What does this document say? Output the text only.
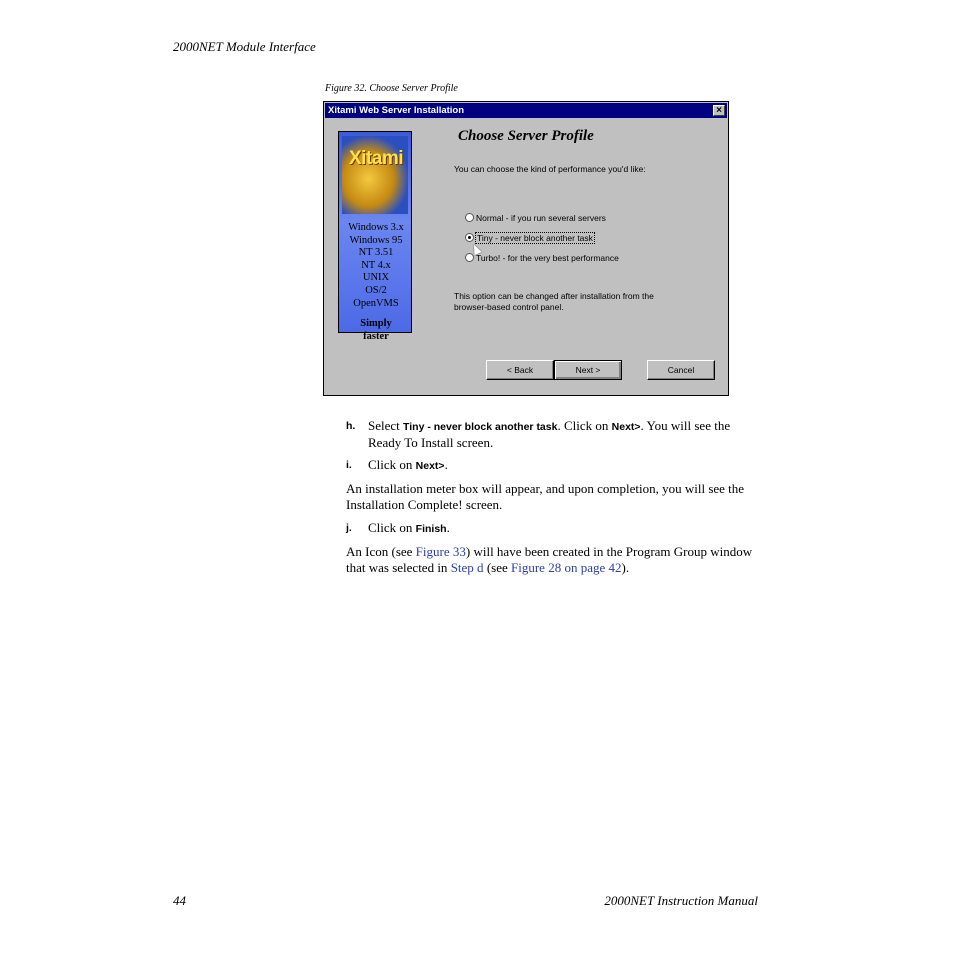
2000NET Module Interface
Figure 32. Choose Server Profile
Xitami Web Server Installation	×
Xitami
Windows 3.x
Windows 95
NT 3.51
NT 4.x
UNIX
OS/2
OpenVMS
Simply
faster
Choose Server Profile
You can choose the kind of performance you'd like:
Normal - if you run several servers
Tiny - never block another task
Turbo! - for the very best performance
This option can be changed after installation from the
browser-based control panel.
< Back	Next >	Cancel
h. Select Tiny - never block another task. Click on Next>. You will see the Ready To Install screen.
i. Click on Next>.
An installation meter box will appear, and upon completion, you will see the Installation Complete! screen.
j. Click on Finish.
An Icon (see Figure 33) will have been created in the Program Group window that was selected in Step d (see Figure 28 on page 42).
44	2000NET Instruction Manual
